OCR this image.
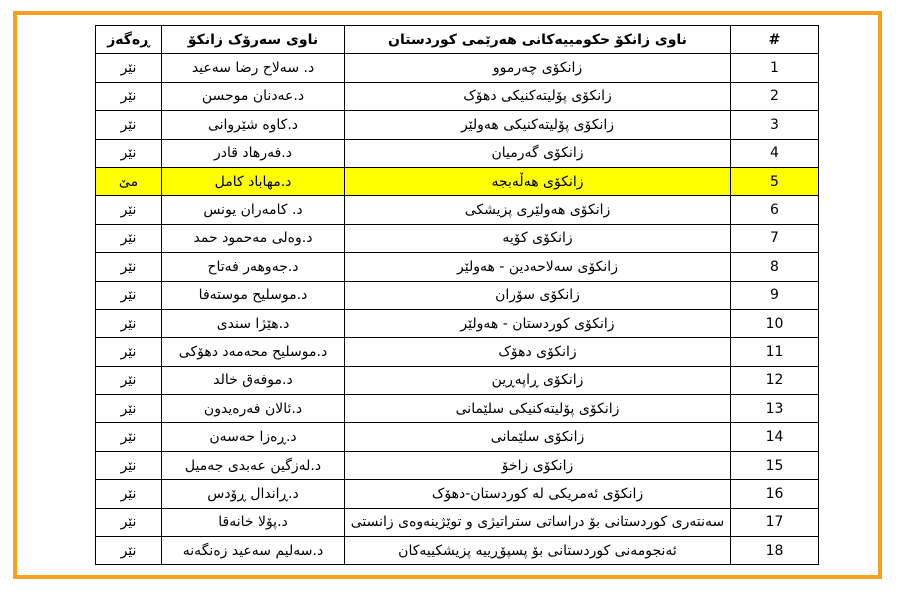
ڕەگەز	ناوی سەرۆک زانکۆ	ناوی زانکۆ حکومییەکانی هەرێمی کوردستان	#
نێر	د. سەلاح رضا سەعید	زانکۆی چەرموو	1
نێر	د.عەدنان موحسن	زانکۆی پۆلیتەکنیکی دهۆک	2
نێر	د.کاوە شێروانی	زانکۆی پۆلیتەکنیکی هەولێر	3
نێر	د.فەرهاد قادر	زانکۆی گەرمیان	4
مێ	د.مهاباد کامل	زانکۆی هەڵەبجە	5
نێر	د. کامەران یونس	زانکۆی هەولێری پزیشکی	6
نێر	د.وەلی مەحمود حمد	زانکۆی کۆیە	7
نێر	د.جەوهەر فەتاح	زانکۆی سەلاحەدین - هەولێر	8
نێر	د.موسلیح موستەفا	زانکۆی سۆران	9
نێر	د.هێژا سندی	زانکۆی کوردستان - هەولێر	10
نێر	د.موسلیح محەمەد دهۆکی	زانکۆی دهۆک	11
نێر	د.موفەق خالد	زانکۆی ڕاپەڕین	12
نێر	د.ئالان فەرەیدون	زانکۆی پۆلیتەکنیکی سلێمانی	13
نێر	د.ڕەزا حەسەن	زانکۆی سلێمانی	14
نێر	د.لەزگین عەبدی جەمیل	زانکۆی زاخۆ	15
نێر	د.ڕاندال ڕۆدس	زانکۆی ئەمریکی لە کوردستان-دهۆک	16
نێر	د.پۆلا خانەقا	سەنتەری کوردستانی بۆ دراساتی ستراتیژی و توێژینەوەی زانستی	17
نێر	د.سەلیم سەعید زەنگەنە	ئەنجومەنی کوردستانی بۆ پسپۆڕییە پزیشکییەکان	18
